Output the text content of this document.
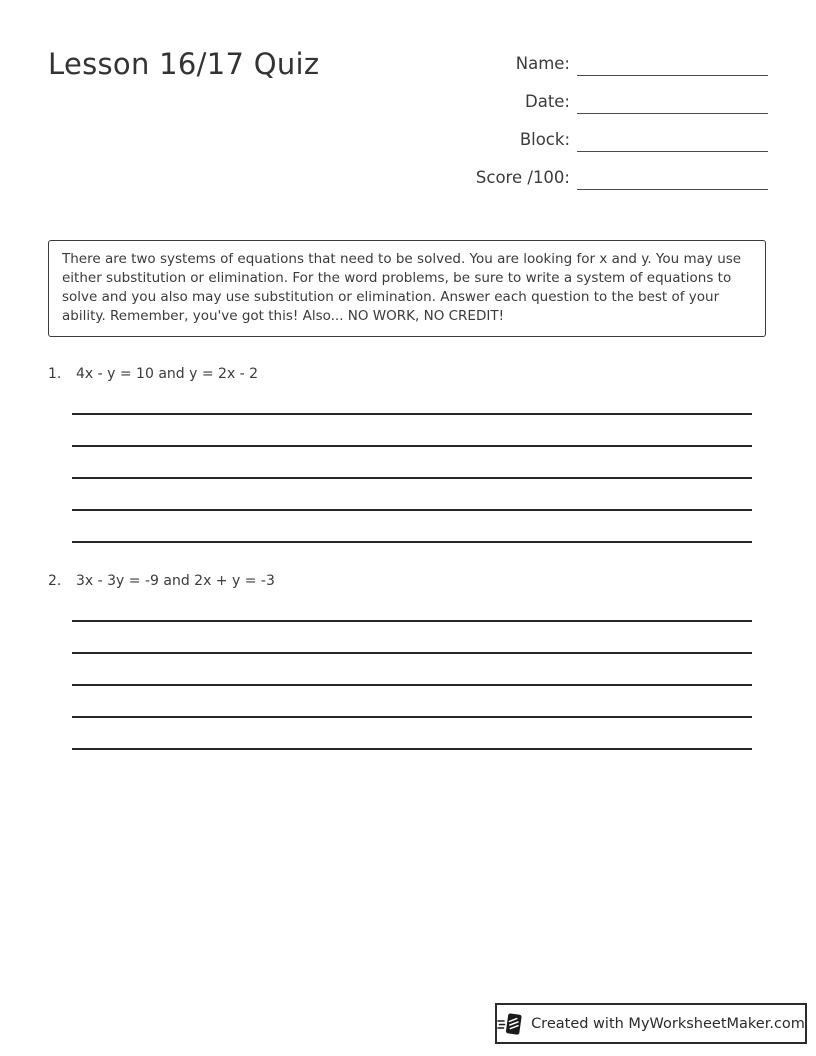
Lesson 16/17 Quiz	Name:
Date:
Block:
Score /100:
There are two systems of equations that need to be solved. You are looking for x and y. You may use either substitution or elimination. For the word problems, be sure to write a system of equations to solve and you also may use substitution or elimination. Answer each question to the best of your ability. Remember, you've got this! Also... NO WORK, NO CREDIT!
1.	4x - y = 10 and y = 2x - 2
2.	3x - 3y = -9 and 2x + y = -3
Created with MyWorksheetMaker.com
